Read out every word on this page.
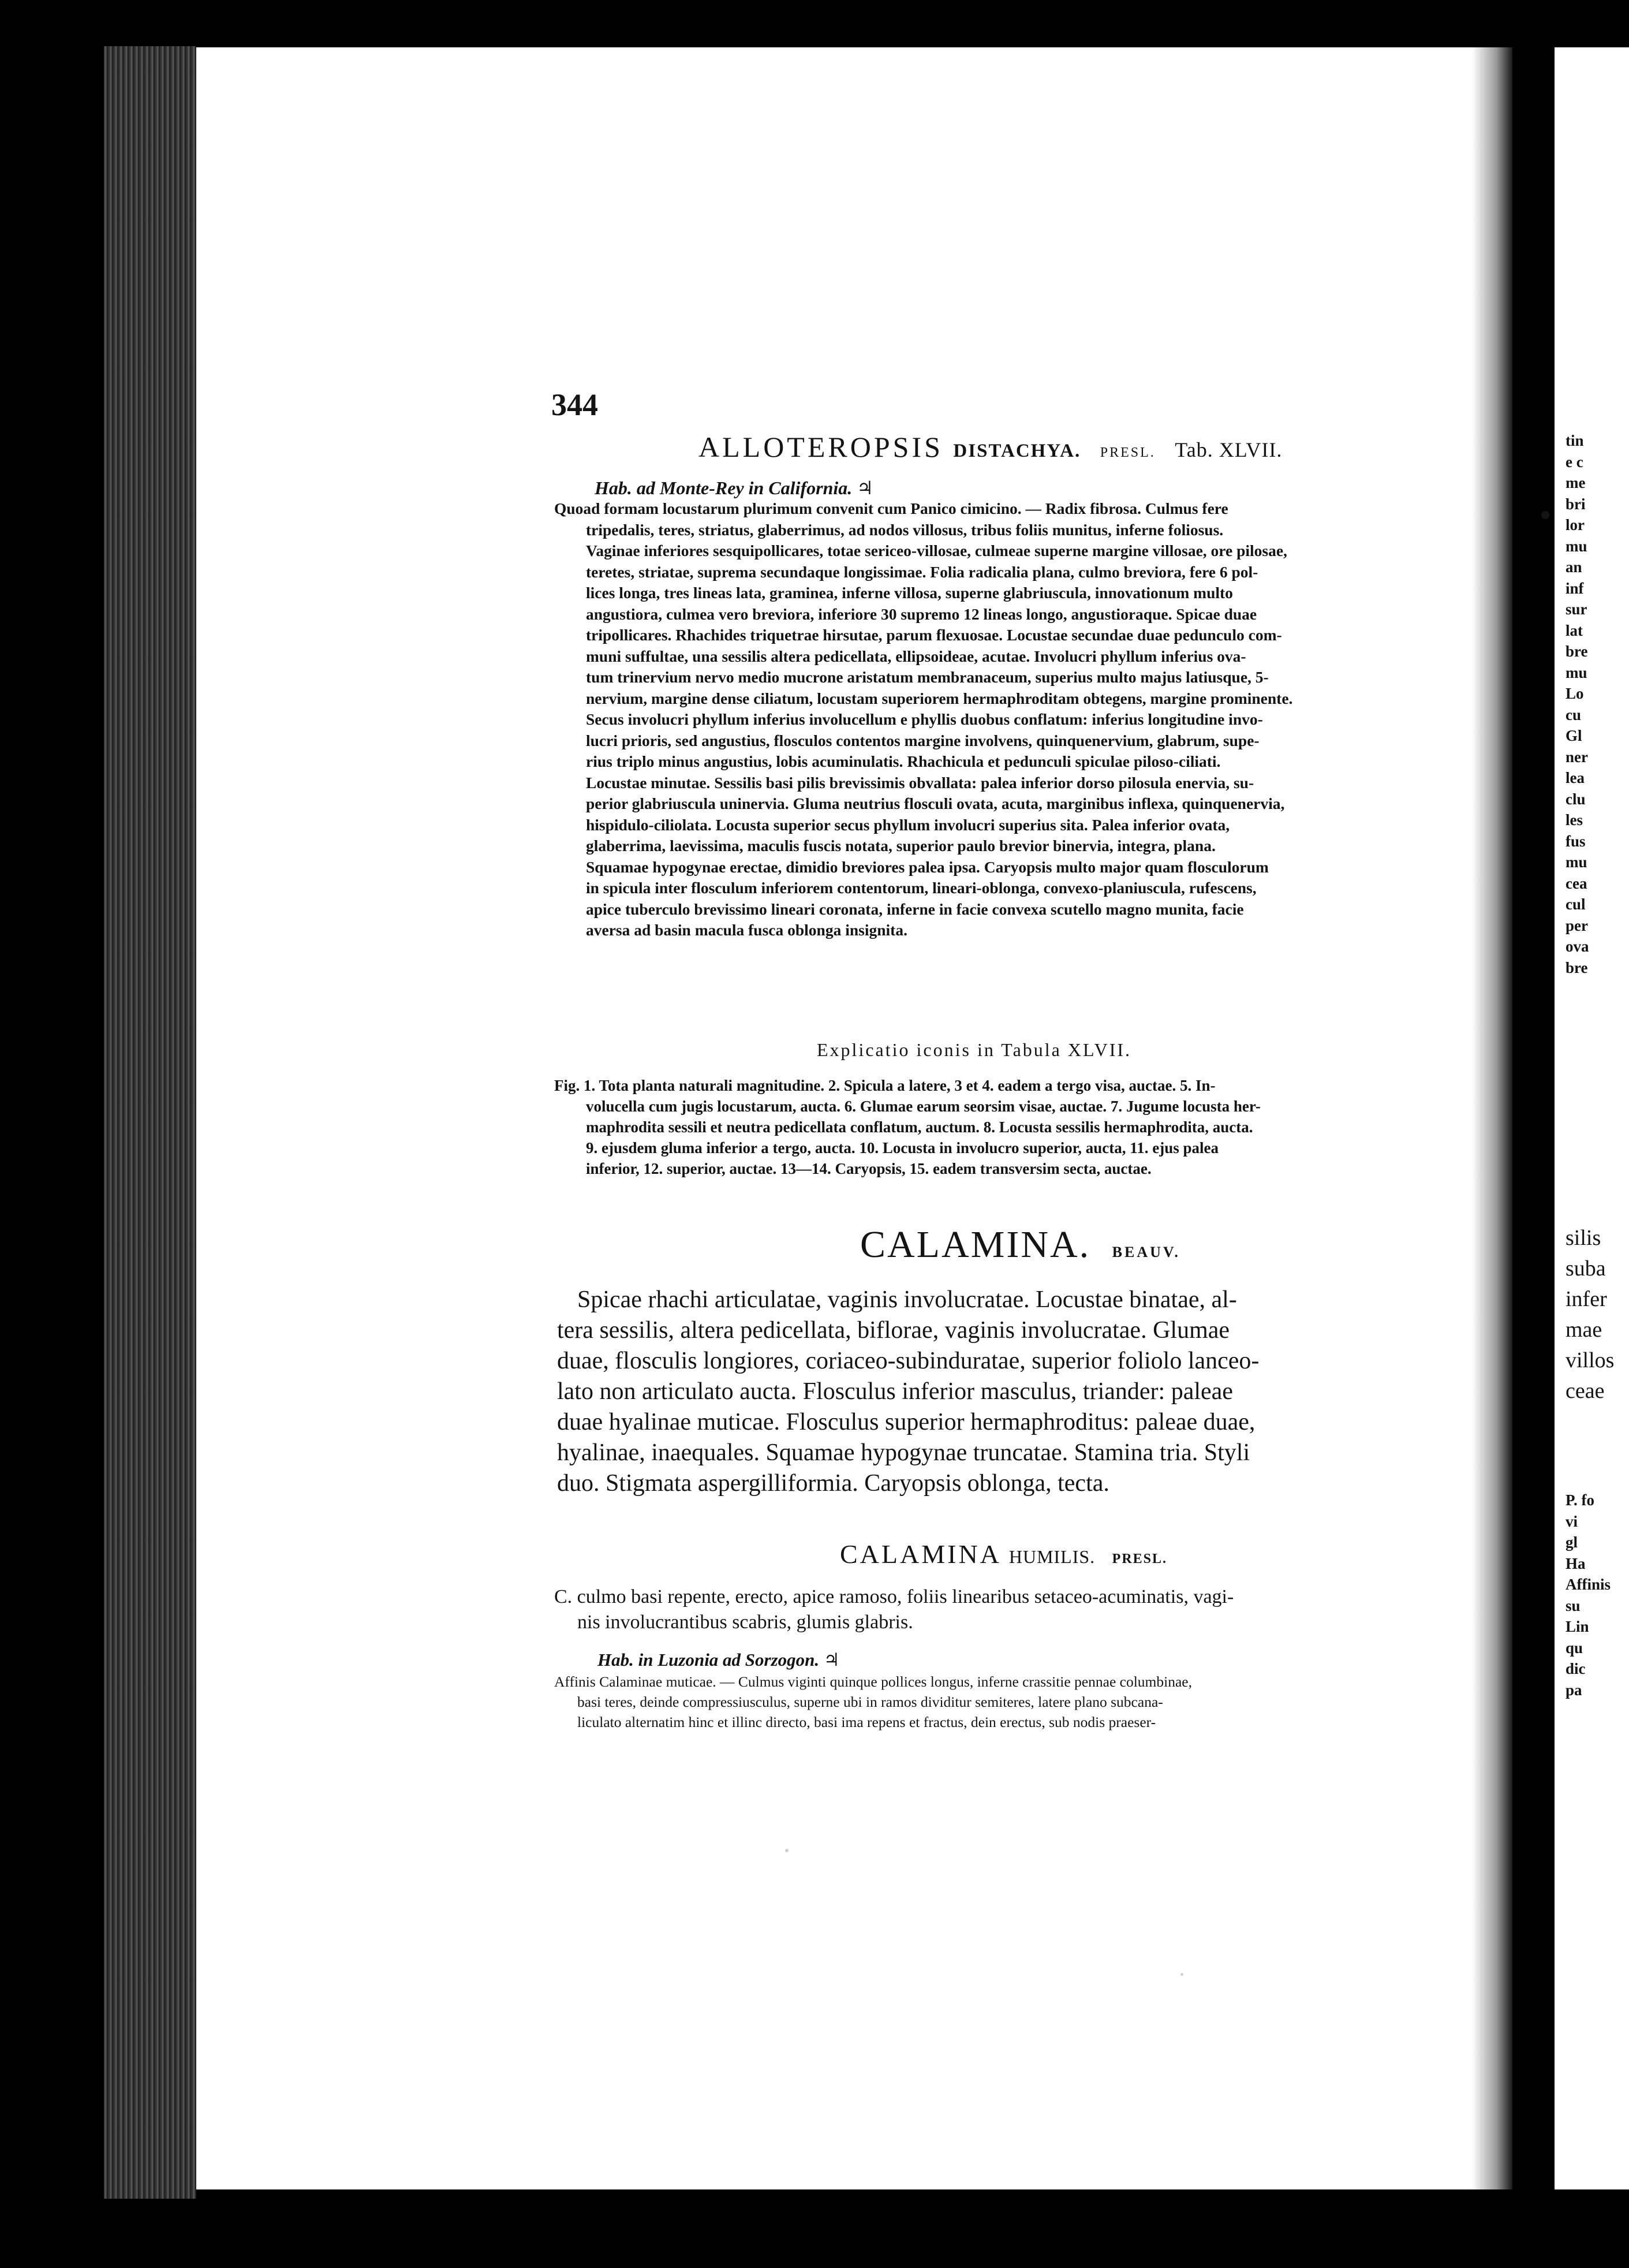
344
ALLOTEROPSIS DISTACHYA. PRESL. Tab. XLVII.
Hab. ad Monte-Rey in California. ♃
Quoad formam locustarum plurimum convenit cum Panico cimicino. — Radix fibrosa. Culmus fere
tripedalis, teres, striatus, glaberrimus, ad nodos villosus, tribus foliis munitus, inferne foliosus.
Vaginae inferiores sesquipollicares, totae sericeo-villosae, culmeae superne margine villosae, ore pilosae,
teretes, striatae, suprema secundaque longissimae. Folia radicalia plana, culmo breviora, fere 6 pol-
lices longa, tres lineas lata, graminea, inferne villosa, superne glabriuscula, innovationum multo
angustiora, culmea vero breviora, inferiore 30 supremo 12 lineas longo, angustioraque. Spicae duae
tripollicares. Rhachides triquetrae hirsutae, parum flexuosae. Locustae secundae duae pedunculo com-
muni suffultae, una sessilis altera pedicellata, ellipsoideae, acutae. Involucri phyllum inferius ova-
tum trinervium nervo medio mucrone aristatum membranaceum, superius multo majus latiusque, 5-
nervium, margine dense ciliatum, locustam superiorem hermaphroditam obtegens, margine prominente.
Secus involucri phyllum inferius involucellum e phyllis duobus conflatum: inferius longitudine invo-
lucri prioris, sed angustius, flosculos contentos margine involvens, quinquenervium, glabrum, supe-
rius triplo minus angustius, lobis acuminulatis. Rhachicula et pedunculi spiculae piloso-ciliati.
Locustae minutae. Sessilis basi pilis brevissimis obvallata: palea inferior dorso pilosula enervia, su-
perior glabriuscula uninervia. Gluma neutrius flosculi ovata, acuta, marginibus inflexa, quinquenervia,
hispidulo-ciliolata. Locusta superior secus phyllum involucri superius sita. Palea inferior ovata,
glaberrima, laevissima, maculis fuscis notata, superior paulo brevior binervia, integra, plana.
Squamae hypogynae erectae, dimidio breviores palea ipsa. Caryopsis multo major quam flosculorum
in spicula inter flosculum inferiorem contentorum, lineari-oblonga, convexo-planiuscula, rufescens,
apice tuberculo brevissimo lineari coronata, inferne in facie convexa scutello magno munita, facie
aversa ad basin macula fusca oblonga insignita.
Explicatio iconis in Tabula XLVII.
Fig. 1. Tota planta naturali magnitudine. 2. Spicula a latere, 3 et 4. eadem a tergo visa, auctae. 5. In-
volucella cum jugis locustarum, aucta. 6. Glumae earum seorsim visae, auctae. 7. Jugume locusta her-
maphrodita sessili et neutra pedicellata conflatum, auctum. 8. Locusta sessilis hermaphrodita, aucta.
9. ejusdem gluma inferior a tergo, aucta. 10. Locusta in involucro superior, aucta, 11. ejus palea
inferior, 12. superior, auctae. 13—14. Caryopsis, 15. eadem transversim secta, auctae.
CALAMINA. BEAUV.
Spicae rhachi articulatae, vaginis involucratae. Locustae binatae, al-
tera sessilis, altera pedicellata, biflorae, vaginis involucratae. Glumae
duae, flosculis longiores, coriaceo-subinduratae, superior foliolo lanceo-
lato non articulato aucta. Flosculus inferior masculus, triander: paleae
duae hyalinae muticae. Flosculus superior hermaphroditus: paleae duae,
hyalinae, inaequales. Squamae hypogynae truncatae. Stamina tria. Styli
duo. Stigmata aspergilliformia. Caryopsis oblonga, tecta.
CALAMINA HUMILIS. PRESL.
C. culmo basi repente, erecto, apice ramoso, foliis linearibus setaceo-acuminatis, vagi-
nis involucrantibus scabris, glumis glabris.
Hab. in Luzonia ad Sorzogon. ♃
Affinis Calaminae muticae. — Culmus viginti quinque pollices longus, inferne crassitie pennae columbinae,
basi teres, deinde compressiusculus, superne ubi in ramos dividitur semiteres, latere plano subcana-
liculato alternatim hinc et illinc directo, basi ima repens et fractus, dein erectus, sub nodis praeser-
tin
e c
me
bri
lor
mu
an
inf
sur
lat
bre
mu
Lo
cu
Gl
ner
lea
clu
les
fus
mu
cea
cul
per
ova
bre
silis
suba
infer
mae
villos
ceae
P. fo
vi
gl
Ha
Affinis
su
Lin
qu
dic
pa
